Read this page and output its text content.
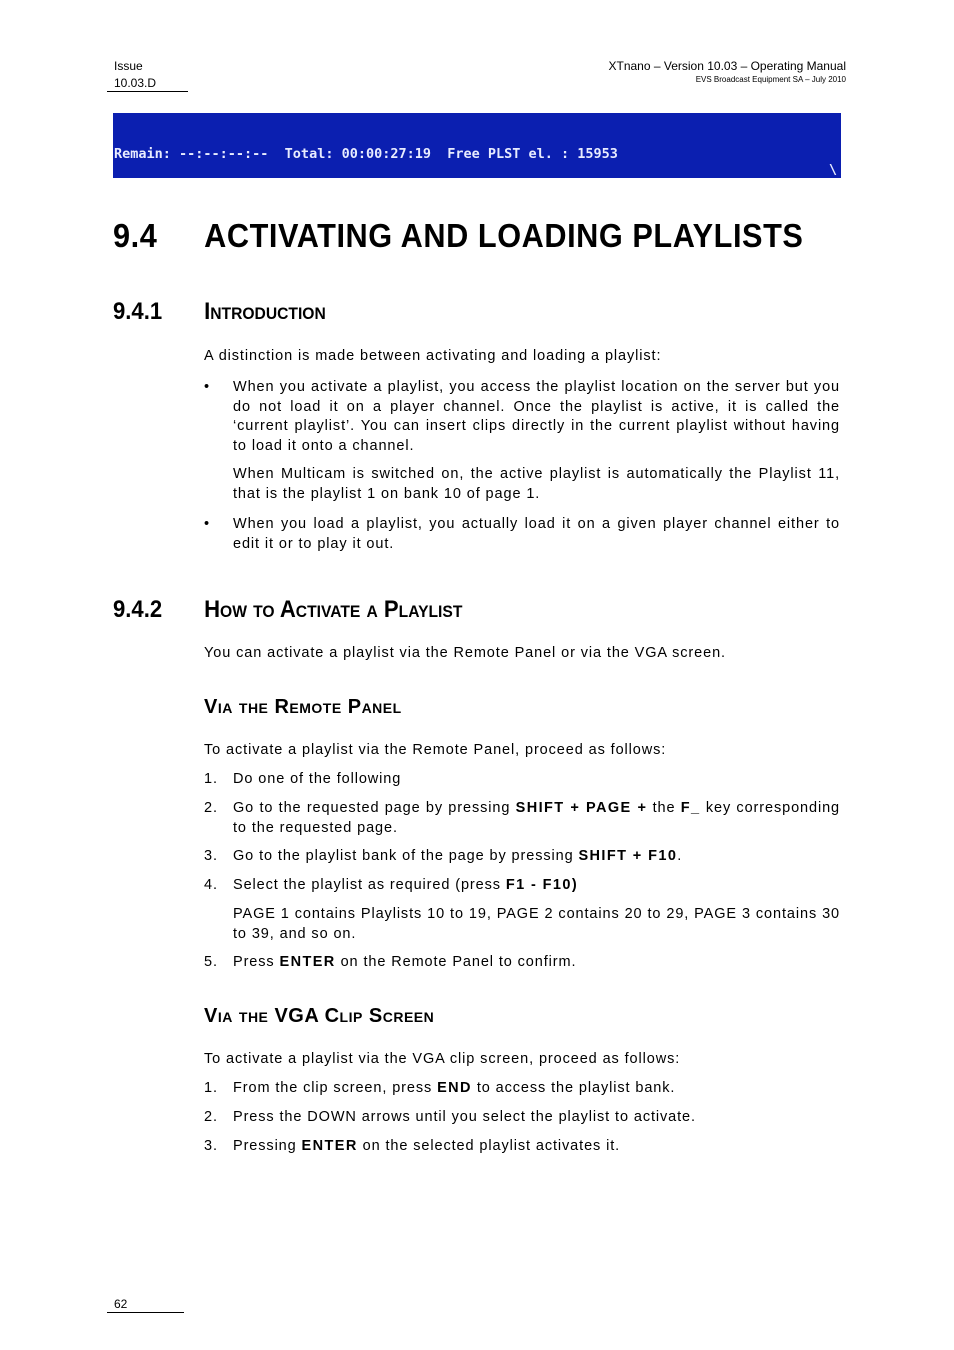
Issue
10.03.D
XTnano – Version 10.03 – Operating Manual
EVS Broadcast Equipment SA – July 2010

Remain: --:--:--:--  Total: 00:00:27:19  Free PLST el. : 15953

\

9.4 ACTIVATING AND LOADING PLAYLISTS
9.4.1 Introduction
A distinction is made between activating and loading a playlist:
•	When you activate a playlist, you access the playlist location on the server but you do not load it on a player channel. Once the playlist is active, it is called the ‘current playlist’. You can insert clips directly in the current playlist without having to load it onto a channel.
When Multicam is switched on, the active playlist is automatically the Playlist 11, that is the playlist 1 on bank 10 of page 1.
•	When you load a playlist, you actually load it on a given player channel either to edit it or to play it out.
9.4.2 How to Activate a Playlist
You can activate a playlist via the Remote Panel or via the VGA screen.
Via the Remote Panel
To activate a playlist via the Remote Panel, proceed as follows:
1.	Do one of the following
2.	Go to the requested page by pressing SHIFT + PAGE + the F_ key corresponding to the requested page.
3.	Go to the playlist bank of the page by pressing SHIFT + F10.
4.	Select the playlist as required (press F1 - F10)
PAGE 1 contains Playlists 10 to 19, PAGE 2 contains 20 to 29, PAGE 3 contains 30 to 39, and so on.
5.	Press ENTER on the Remote Panel to confirm.
Via the VGA Clip Screen
To activate a playlist via the VGA clip screen, proceed as follows:
1.	From the clip screen, press END to access the playlist bank.
2.	Press the DOWN arrows until you select the playlist to activate.
3.	Pressing ENTER on the selected playlist activates it.
62
